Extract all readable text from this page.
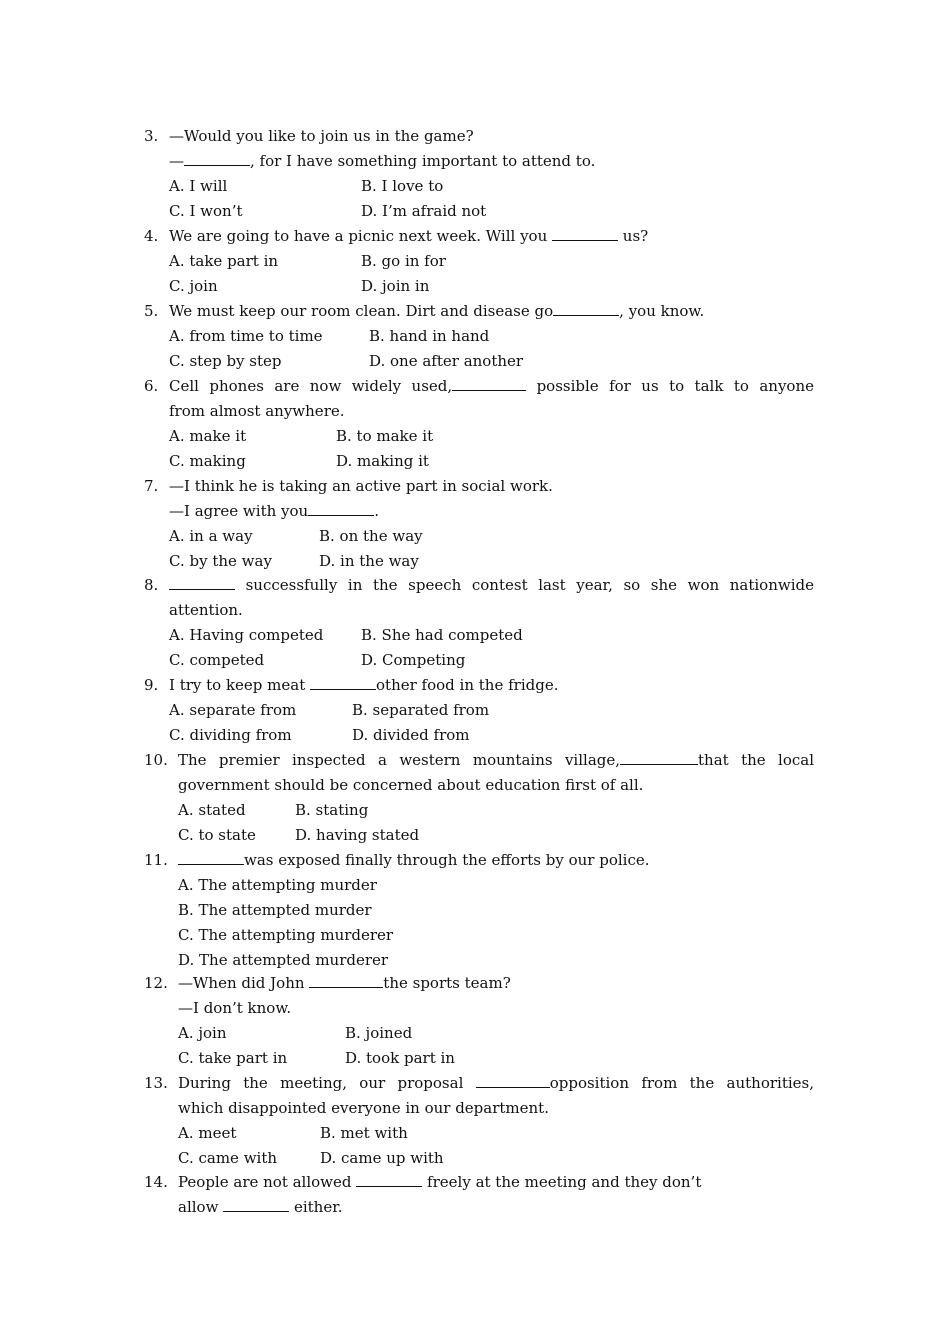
3. —Would you like to join us in the game?
—	, for I have something important to attend to.
A. I will	B. I love to
C. I won’t	D. I’m afraid not
4. We are going to have a picnic next week. Will you	us?
A. take part in	B. go in for
C. join	D. join in
5. We must keep our room clean. Dirt and disease go	, you know.
A. from time to time	B. hand in hand
C. step by step	D. one after another
6. Cell phones are now widely used,	possible for us to talk to anyone
from almost anywhere.
A. make it	B. to make it
C. making	D. making it
7. —I think he is taking an active part in social work.
—I agree with you	.
A. in a way	B. on the way
C. by the way	D. in the way
8.	successfully in the speech contest last year, so she won nationwide
attention.
A. Having competed	B. She had competed
C. competed	D. Competing
9. I try to keep meat	other food in the fridge.
A. separate from	B. separated from
C. dividing from	D. divided from
10. The premier inspected a western mountains village,	that the local
government should be concerned about education first of all.
A. stated	B. stating
C. to state	D. having stated
11.	was exposed finally through the efforts by our police.
A. The attempting murder
B. The attempted murder
C. The attempting murderer
D. The attempted murderer
12. —When did John	the sports team?
—I don’t know.
A. join	B. joined
C. take part in	D. took part in
13. During the meeting, our proposal	opposition from the authorities,
which disappointed everyone in our department.
A. meet	B. met with
C. came with	D. came up with
14. People are not allowed	freely at the meeting and they don’t
allow	either.
